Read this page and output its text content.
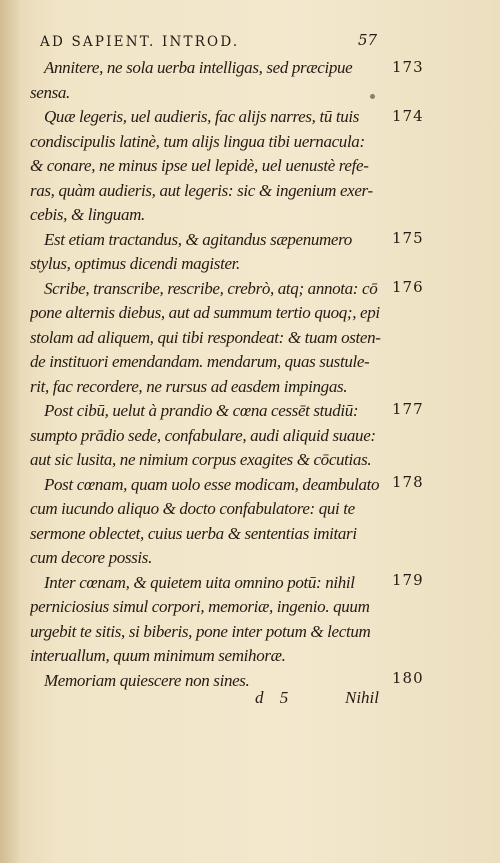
AD SAPIENT. INTROD.	57
Annitere, ne sola uerba intelligas, sed præcipue
sensa.
Quæ legeris, uel audieris, fac alijs narres, tū tuis
condiscipulis latinè, tum alijs lingua tibi uernacula:
& conare, ne minus ipse uel lepidè, uel uenustè refe-
ras, quàm audieris, aut legeris: sic & ingenium exer-
cebis, & linguam.
Est etiam tractandus, & agitandus sæpenumero
stylus, optimus dicendi magister.
Scribe, transcribe, rescribe, crebrò, atq; annota: cō
pone alternis diebus, aut ad summum tertio quoq;, epi
stolam ad aliquem, qui tibi respondeat: & tuam osten-
de instituori emendandam. mendarum, quas sustule-
rit, fac recordere, ne rursus ad easdem impingas.
Post cibū, uelut à prandio & cœna cessēt studiū:
sumpto prādio sede, confabulare, audi aliquid suaue:
aut sic lusita, ne nimium corpus exagites & cōcutias.
Post cœnam, quam uolo esse modicam, deambulato
cum iucundo aliquo & docto confabulatore: qui te
sermone oblectet, cuius uerba & sententias imitari
cum decore possis.
Inter cœnam, & quietem uita omnino potū: nihil
perniciosius simul corpori, memoriæ, ingenio. quum
urgebit te sitis, si biberis, pone inter potum & lectum
interuallum, quum minimum semihoræ.
Memoriam quiescere non sines.
173
174
175
176
177
178
179
180
d 5	Nihil
